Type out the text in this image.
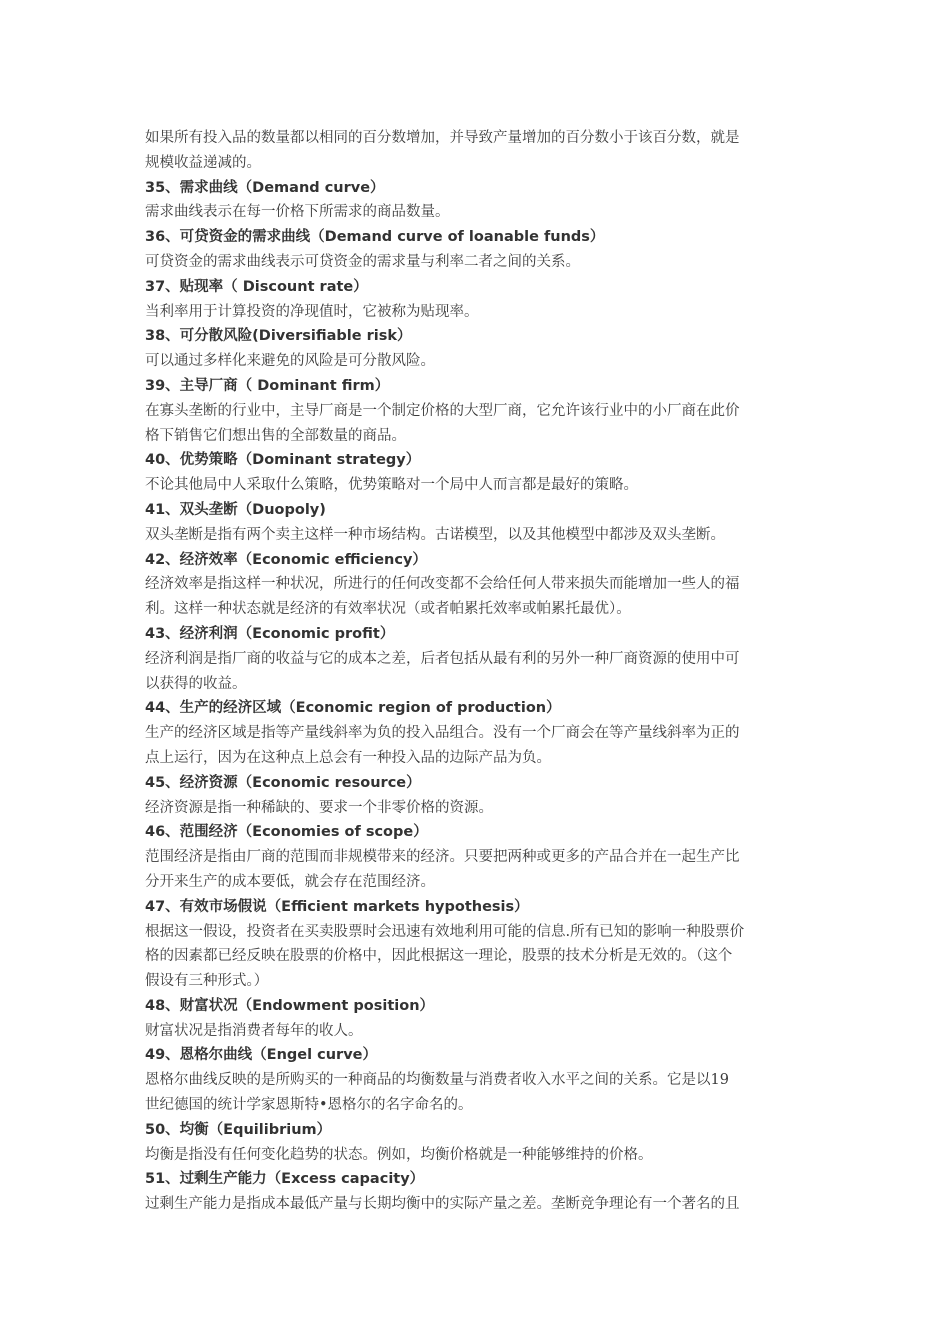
如果所有投入品的数量都以相同的百分数增加，并导致产量增加的百分数小于该百分数，就是
规模收益递减的。
35、需求曲线（Demand curve）
需求曲线表示在每一价格下所需求的商品数量。
36、可贷资金的需求曲线（Demand curve of loanable funds）
可贷资金的需求曲线表示可贷资金的需求量与利率二者之间的关系。
37、贴现率（ Discount rate）
当利率用于计算投资的净现值时，它被称为贴现率。
38、可分散风险(Diversifiable risk）
可以通过多样化来避免的风险是可分散风险。
39、主导厂商（ Dominant firm）
在寡头垄断的行业中，主导厂商是一个制定价格的大型厂商，它允许该行业中的小厂商在此价
格下销售它们想出售的全部数量的商品。
40、优势策略（Dominant strategy）
不论其他局中人采取什么策略，优势策略对一个局中人而言都是最好的策略。
41、双头垄断（Duopoly)
双头垄断是指有两个卖主这样一种市场结构。古诺模型，以及其他模型中都涉及双头垄断。
42、经济效率（Economic efficiency）
经济效率是指这样一种状况，所进行的任何改变都不会给任何人带来损失而能增加一些人的福
利。这样一种状态就是经济的有效率状况（或者帕累托效率或帕累托最优）。
43、经济利润（Economic profit）
经济利润是指厂商的收益与它的成本之差，后者包括从最有利的另外一种厂商资源的使用中可
以获得的收益。
44、生产的经济区域（Economic region of production）
生产的经济区域是指等产量线斜率为负的投入品组合。没有一个厂商会在等产量线斜率为正的
点上运行，因为在这种点上总会有一种投入品的边际产品为负。
45、经济资源（Economic resource）
经济资源是指一种稀缺的、要求一个非零价格的资源。
46、范围经济（Economies of scope）
范围经济是指由厂商的范围而非规模带来的经济。只要把两种或更多的产品合并在一起生产比
分开来生产的成本要低，就会存在范围经济。
47、有效市场假说（Efficient markets hypothesis）
根据这一假设，投资者在买卖股票时会迅速有效地利用可能的信息.所有已知的影响一种股票价
格的因素都已经反映在股票的价格中，因此根据这一理论，股票的技术分析是无效的。（这个
假设有三种形式。）
48、财富状况（Endowment position）
财富状况是指消费者每年的收人。
49、恩格尔曲线（Engel curve）
恩格尔曲线反映的是所购买的一种商品的均衡数量与消费者收入水平之间的关系。它是以19
世纪德国的统计学家恩斯特•恩格尔的名字命名的。
50、均衡（Equilibrium）
均衡是指没有任何变化趋势的状态。例如，均衡价格就是一种能够维持的价格。
51、过剩生产能力（Excess capacity）
过剩生产能力是指成本最低产量与长期均衡中的实际产量之差。垄断竞争理论有一个著名的且
